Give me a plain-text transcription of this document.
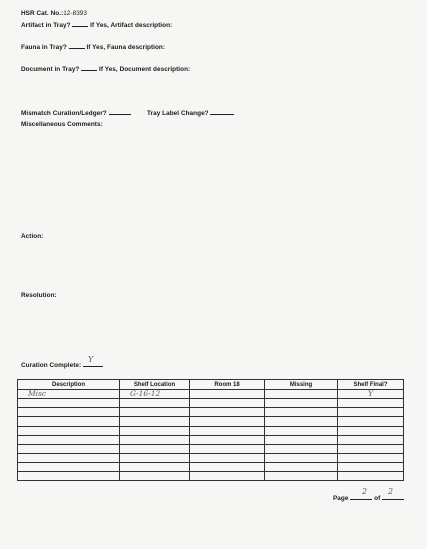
HSR Cat. No.:12-8393
Artifact in Tray?	If Yes, Artifact description:
Fauna in Tray?	If Yes, Fauna description:
Document in Tray?	If Yes, Document description:
Mismatch Curation/Ledger?	Tray Label Change?
Miscellaneous Comments:
Action:
Resolution:
Curation Complete:
Y
Description	Shelf Location	Room 18	Missing	Shelf Final?
Misc	G-16-12			Y

Page	of
2	2
